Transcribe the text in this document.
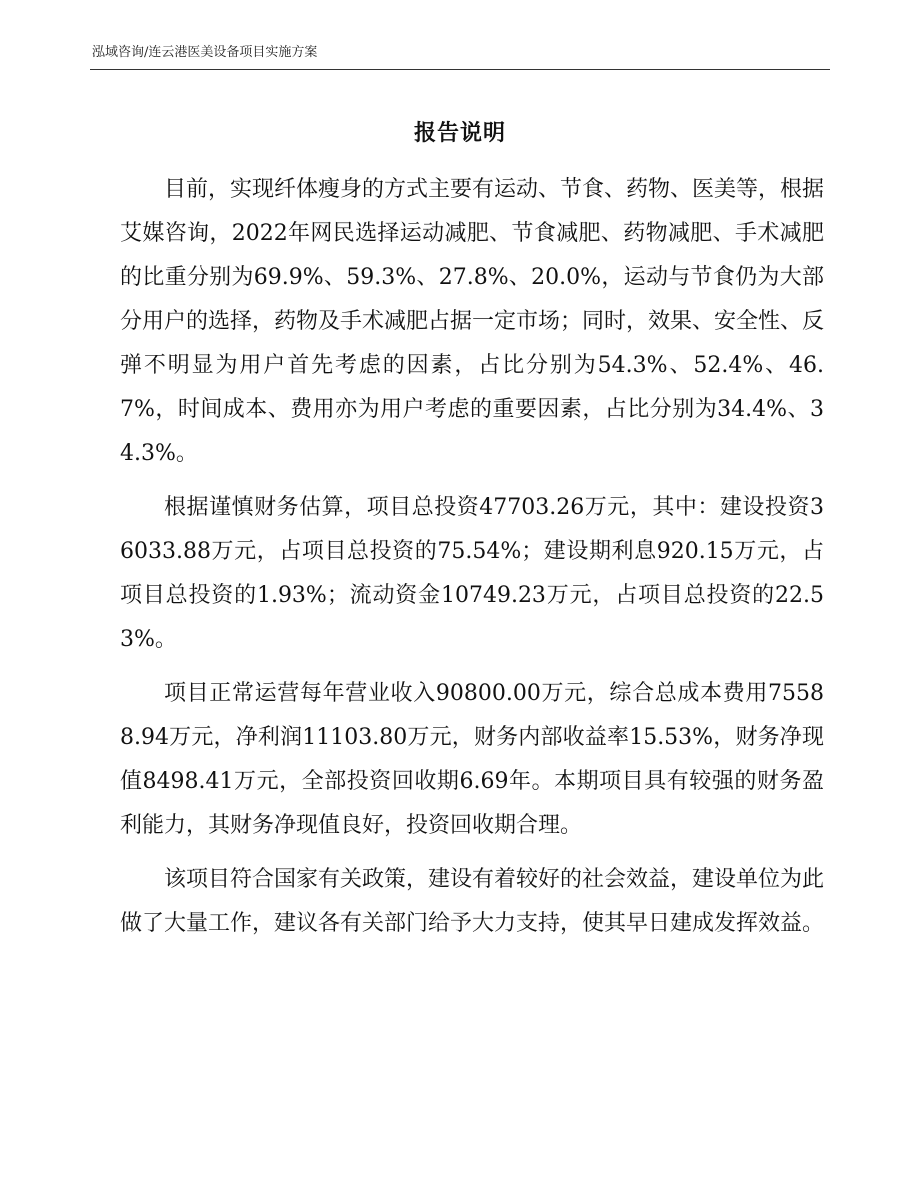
泓域咨询/连云港医美设备项目实施方案
报告说明

目前，实现纤体瘦身的方式主要有运动、节食、药物、医美等，根据艾媒咨询，2022年网民选择运动减肥、节食减肥、药物减肥、手术减肥的比重分别为69.9%、59.3%、27.8%、20.0%，运动与节食仍为大部分用户的选择，药物及手术减肥占据一定市场；同时，效果、安全性、反弹不明显为用户首先考虑的因素，占比分别为54.3%、52.4%、46.7%，时间成本、费用亦为用户考虑的重要因素，占比分别为34.4%、34.3%。

根据谨慎财务估算，项目总投资47703.26万元，其中：建设投资36033.88万元，占项目总投资的75.54%；建设期利息920.15万元，占项目总投资的1.93%；流动资金10749.23万元，占项目总投资的22.53%。

项目正常运营每年营业收入90800.00万元，综合总成本费用75588.94万元，净利润11103.80万元，财务内部收益率15.53%，财务净现值8498.41万元，全部投资回收期6.69年。本期项目具有较强的财务盈利能力，其财务净现值良好，投资回收期合理。

该项目符合国家有关政策，建设有着较好的社会效益，建设单位为此做了大量工作，建议各有关部门给予大力支持，使其早日建成发挥效益。
